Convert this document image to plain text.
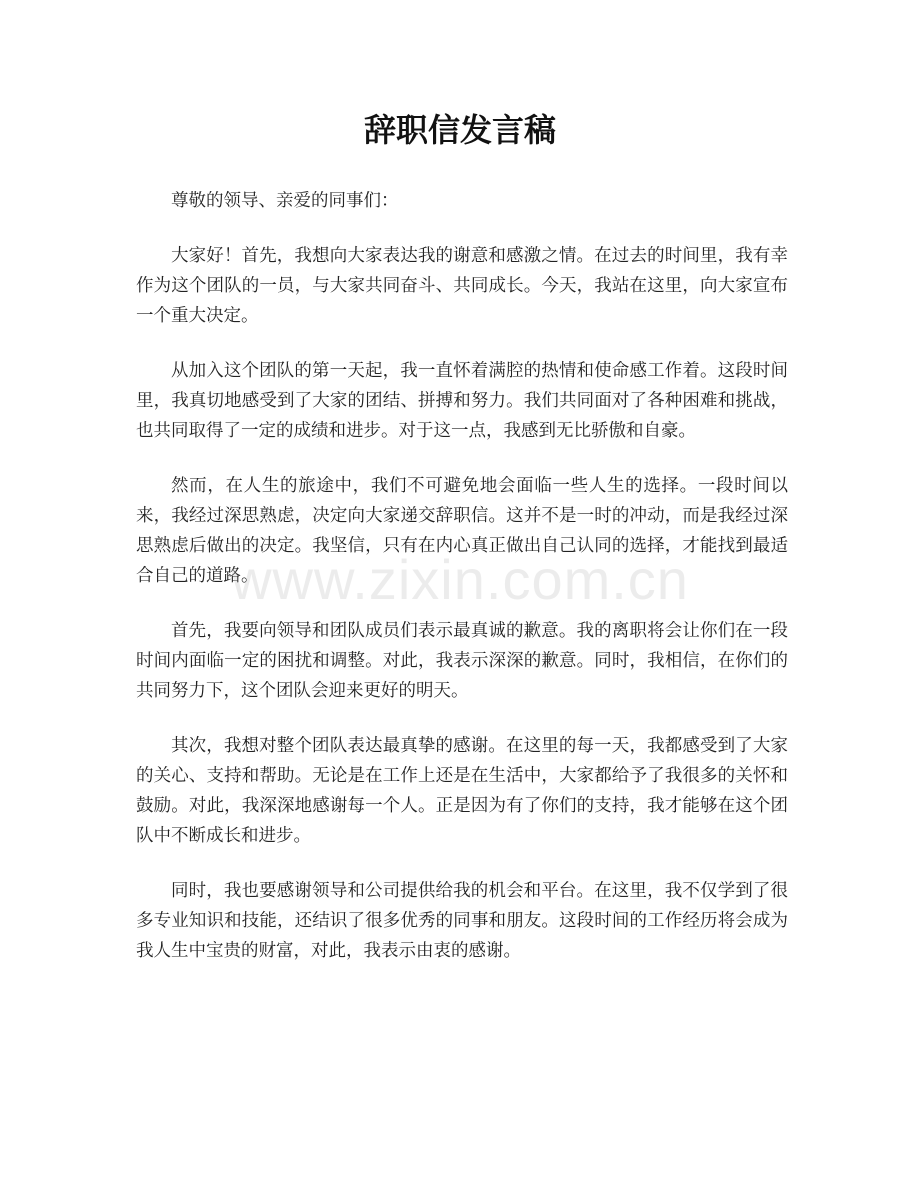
辞职信发言稿

尊敬的领导、亲爱的同事们：

大家好！首先，我想向大家表达我的谢意和感激之情。在过去的时间里，我有幸作为这个团队的一员，与大家共同奋斗、共同成长。今天，我站在这里，向大家宣布一个重大决定。

从加入这个团队的第一天起，我一直怀着满腔的热情和使命感工作着。这段时间里，我真切地感受到了大家的团结、拼搏和努力。我们共同面对了各种困难和挑战，也共同取得了一定的成绩和进步。对于这一点，我感到无比骄傲和自豪。

然而，在人生的旅途中，我们不可避免地会面临一些人生的选择。一段时间以来，我经过深思熟虑，决定向大家递交辞职信。这并不是一时的冲动，而是我经过深思熟虑后做出的决定。我坚信，只有在内心真正做出自己认同的选择，才能找到最适合自己的道路。

首先，我要向领导和团队成员们表示最真诚的歉意。我的离职将会让你们在一段时间内面临一定的困扰和调整。对此，我表示深深的歉意。同时，我相信，在你们的共同努力下，这个团队会迎来更好的明天。

其次，我想对整个团队表达最真挚的感谢。在这里的每一天，我都感受到了大家的关心、支持和帮助。无论是在工作上还是在生活中，大家都给予了我很多的关怀和鼓励。对此，我深深地感谢每一个人。正是因为有了你们的支持，我才能够在这个团队中不断成长和进步。

同时，我也要感谢领导和公司提供给我的机会和平台。在这里，我不仅学到了很多专业知识和技能，还结识了很多优秀的同事和朋友。这段时间的工作经历将会成为我人生中宝贵的财富，对此，我表示由衷的感谢。

www.zixin.com.cn
